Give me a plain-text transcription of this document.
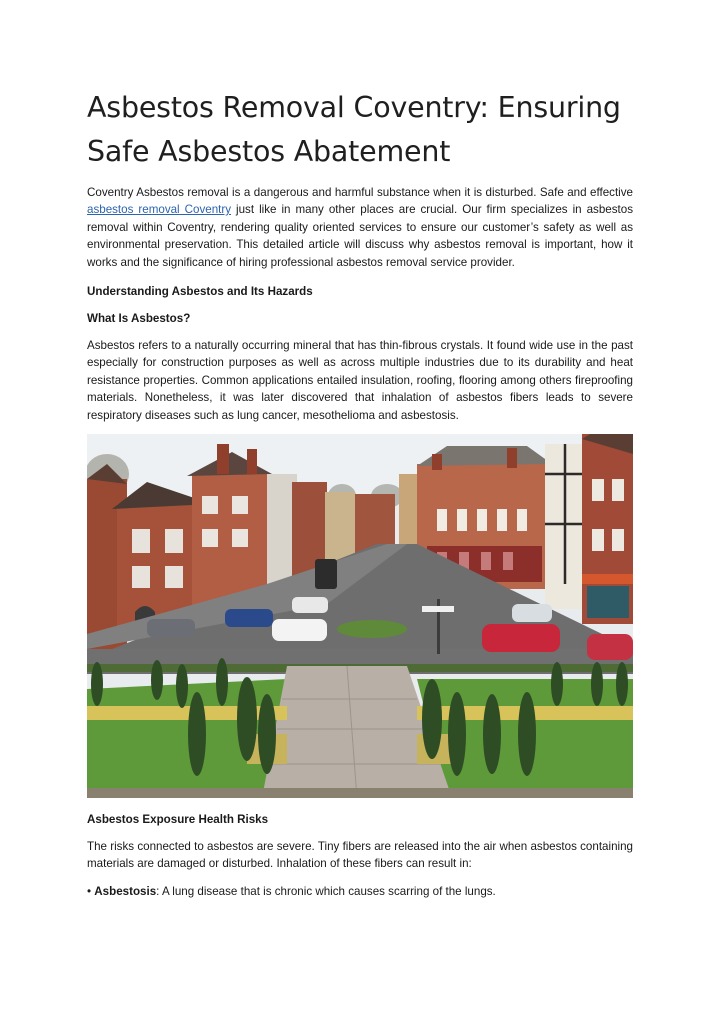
Asbestos Removal Coventry: Ensuring Safe Asbestos Abatement

Coventry Asbestos removal is a dangerous and harmful substance when it is disturbed. Safe and effective asbestos removal Coventry just like in many other places are crucial. Our firm specializes in asbestos removal within Coventry, rendering quality oriented services to ensure our customer’s safety as well as environmental preservation. This detailed article will discuss why asbestos removal is important, how it works and the significance of hiring professional asbestos removal service provider.

Understanding Asbestos and Its Hazards

What Is Asbestos?

Asbestos refers to a naturally occurring mineral that has thin-fibrous crystals. It found wide use in the past especially for construction purposes as well as across multiple industries due to its durability and heat resistance properties. Common applications entailed insulation, roofing, flooring among others fireproofing materials. Nonetheless, it was later discovered that inhalation of asbestos fibers leads to severe respiratory diseases such as lung cancer, mesothelioma and asbestosis.

Asbestos Exposure Health Risks

The risks connected to asbestos are severe. Tiny fibers are released into the air when asbestos containing materials are damaged or disturbed. Inhalation of these fibers can result in:

• Asbestosis: A lung disease that is chronic which causes scarring of the lungs.
